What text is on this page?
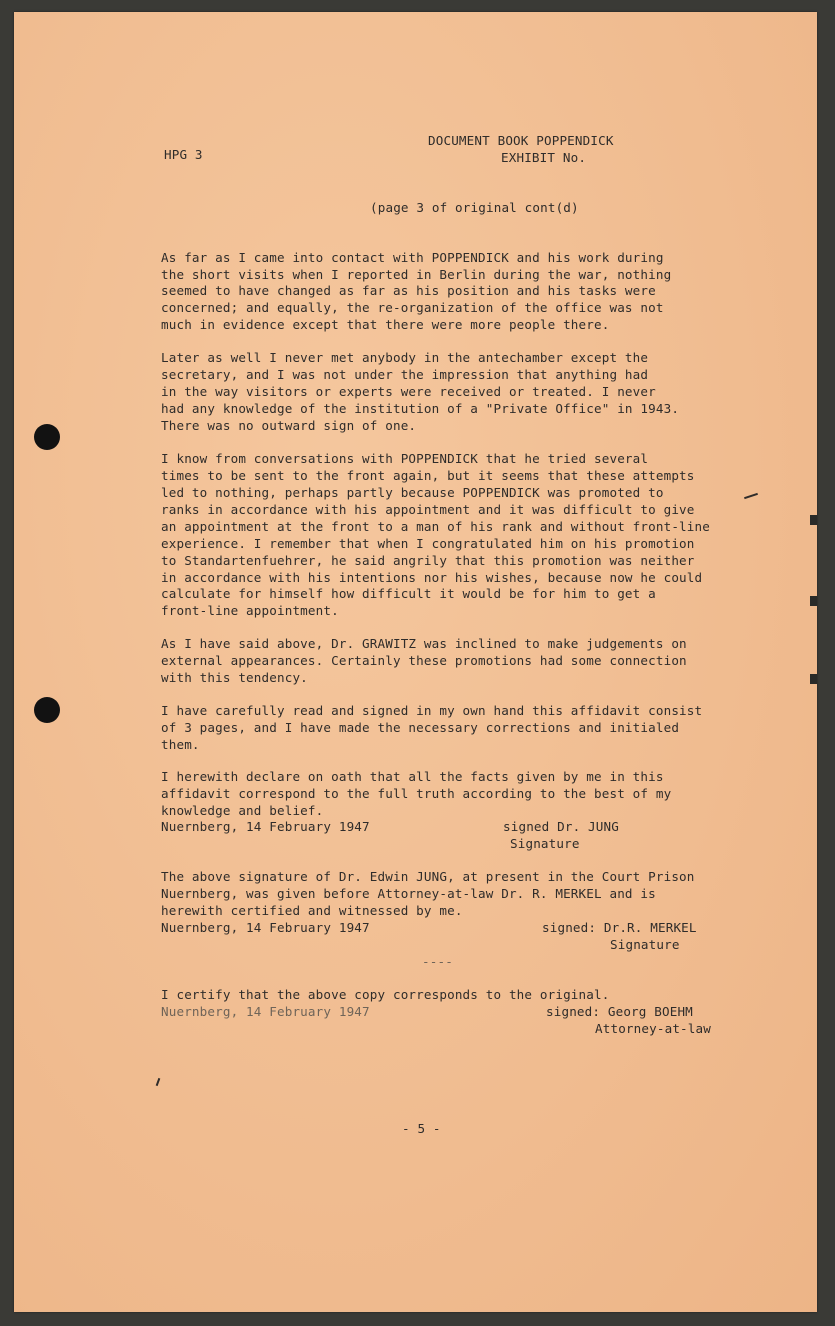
HPG 3
DOCUMENT BOOK POPPENDICK
EXHIBIT No.
(page 3 of original cont(d)
As far as I came into contact with POPPENDICK and his work during
the short visits when I reported in Berlin during the war, nothing
seemed to have changed as far as his position and his tasks were
concerned; and equally, the re-organization of the office was not
much in evidence except that there were more people there.
Later as well I never met anybody in the antechamber except the
secretary, and I was not under the impression that anything had
in the way visitors or experts were received or treated. I never
had any knowledge of the institution of a "Private Office" in 1943.
There was no outward sign of one.
I know from conversations with POPPENDICK that he tried several
times to be sent to the front again, but it seems that these attempts
led to nothing, perhaps partly because POPPENDICK was promoted to
ranks in accordance with his appointment and it was difficult to give
an appointment at the front to a man of his rank and without front-line
experience. I remember that when I congratulated him on his promotion
to Standartenfuehrer, he said angrily that this promotion was neither
in accordance with his intentions nor his wishes, because now he could
calculate for himself how difficult it would be for him to get a
front-line appointment.
As I have said above, Dr. GRAWITZ was inclined to make judgements on
external appearances. Certainly these promotions had some connection
with this tendency.
I have carefully read and signed in my own hand this affidavit consist
of 3 pages, and I have made the necessary corrections and initialed
them.
I herewith declare on oath that all the facts given by me in this
affidavit correspond to the full truth according to the best of my
knowledge and belief.
Nuernberg, 14 February 1947	signed Dr. JUNG
Signature
The above signature of Dr. Edwin JUNG, at present in the Court Prison
Nuernberg, was given before Attorney-at-law Dr. R. MERKEL and is
herewith certified and witnessed by me.
Nuernberg, 14 February 1947	signed: Dr.R. MERKEL
Signature
----
I certify that the above copy corresponds to the original.
Nuernberg, 14 February 1947	signed: Georg BOEHM
Attorney-at-law
- 5 -
